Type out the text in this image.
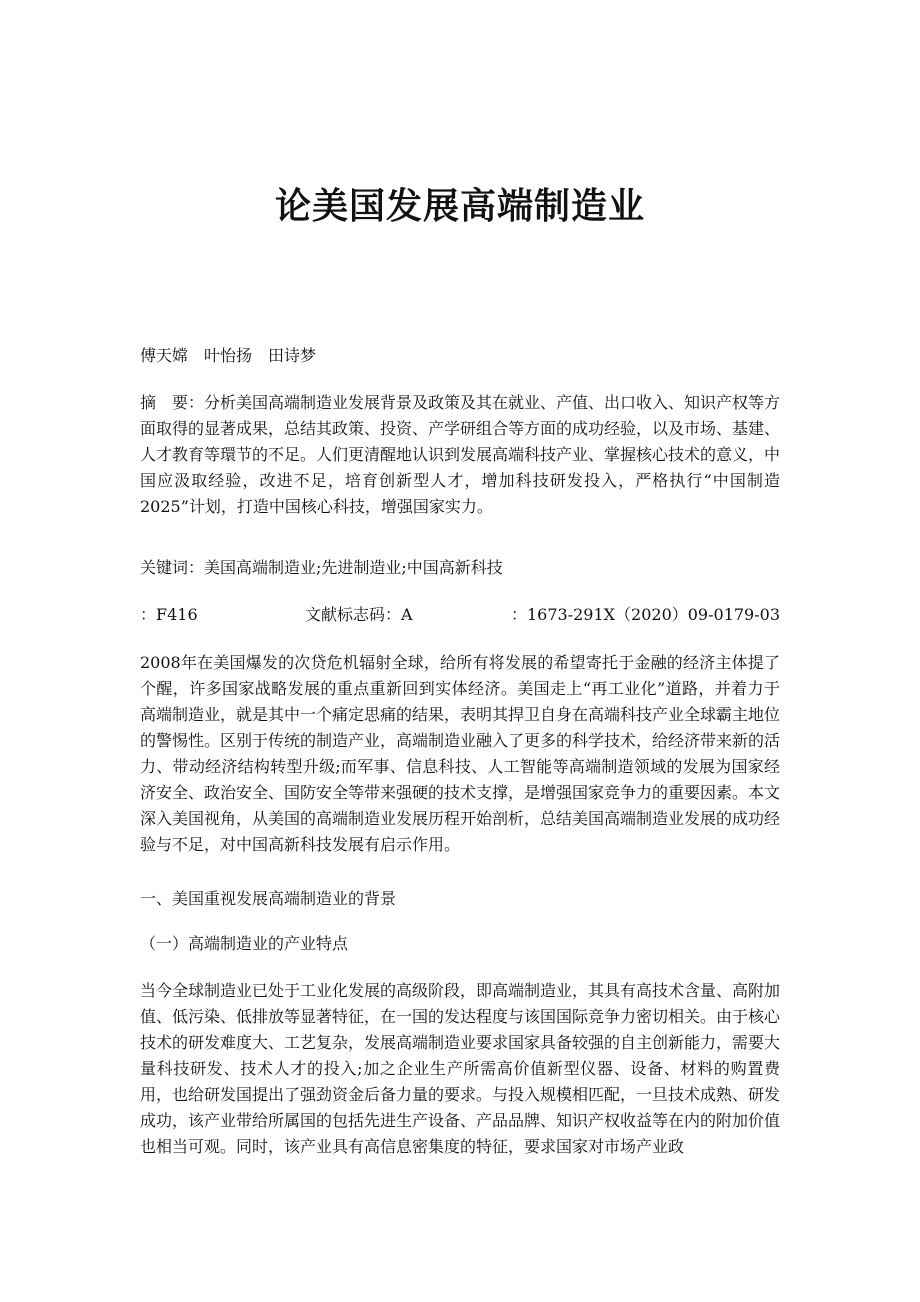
论美国发展高端制造业
傅天嫦　叶怡扬　田诗梦

摘　要：分析美国高端制造业发展背景及政策及其在就业、产值、出口收入、知识产权等方面取得的显著成果，总结其政策、投资、产学研组合等方面的成功经验，以及市场、基建、人才教育等環节的不足。人们更清醒地认识到发展高端科技产业、掌握核心技术的意义，中国应汲取经验，改进不足，培育创新型人才，增加科技研发投入，严格执行“中国制造2025”计划，打造中国核心科技，增强国家实力。

关键词：美国高端制造业;先进制造业;中国高新科技
：F416	文献标志码：A	：1673-291X（2020）09-0179-03

2008年在美国爆发的次贷危机辐射全球，给所有将发展的希望寄托于金融的经济主体提了个醒，许多国家战略发展的重点重新回到实体经济。美国走上“再工业化”道路，并着力于高端制造业，就是其中一个痛定思痛的结果，表明其捍卫自身在高端科技产业全球霸主地位的警惕性。区别于传统的制造产业，高端制造业融入了更多的科学技术，给经济带来新的活力、带动经济结构转型升级;而军事、信息科技、人工智能等高端制造领域的发展为国家经济安全、政治安全、国防安全等带来强硬的技术支撑，是增强国家竞争力的重要因素。本文深入美国视角，从美国的高端制造业发展历程开始剖析，总结美国高端制造业发展的成功经验与不足，对中国高新科技发展有启示作用。

一、美国重视发展高端制造业的背景
（一）高端制造业的产业特点

当今全球制造业已处于工业化发展的高级阶段，即高端制造业，其具有高技术含量、高附加值、低污染、低排放等显著特征，在一国的发达程度与该国国际竞争力密切相关。由于核心技术的研发难度大、工艺复杂，发展高端制造业要求国家具备较强的自主创新能力，需要大量科技研发、技术人才的投入;加之企业生产所需高价值新型仪器、设备、材料的购置费用，也给研发国提出了强劲资金后备力量的要求。与投入规模相匹配，一旦技术成熟、研发成功，该产业带给所属国的包括先进生产设备、产品品牌、知识产权收益等在内的附加价值也相当可观。同时，该产业具有高信息密集度的特征，要求国家对市场产业政
